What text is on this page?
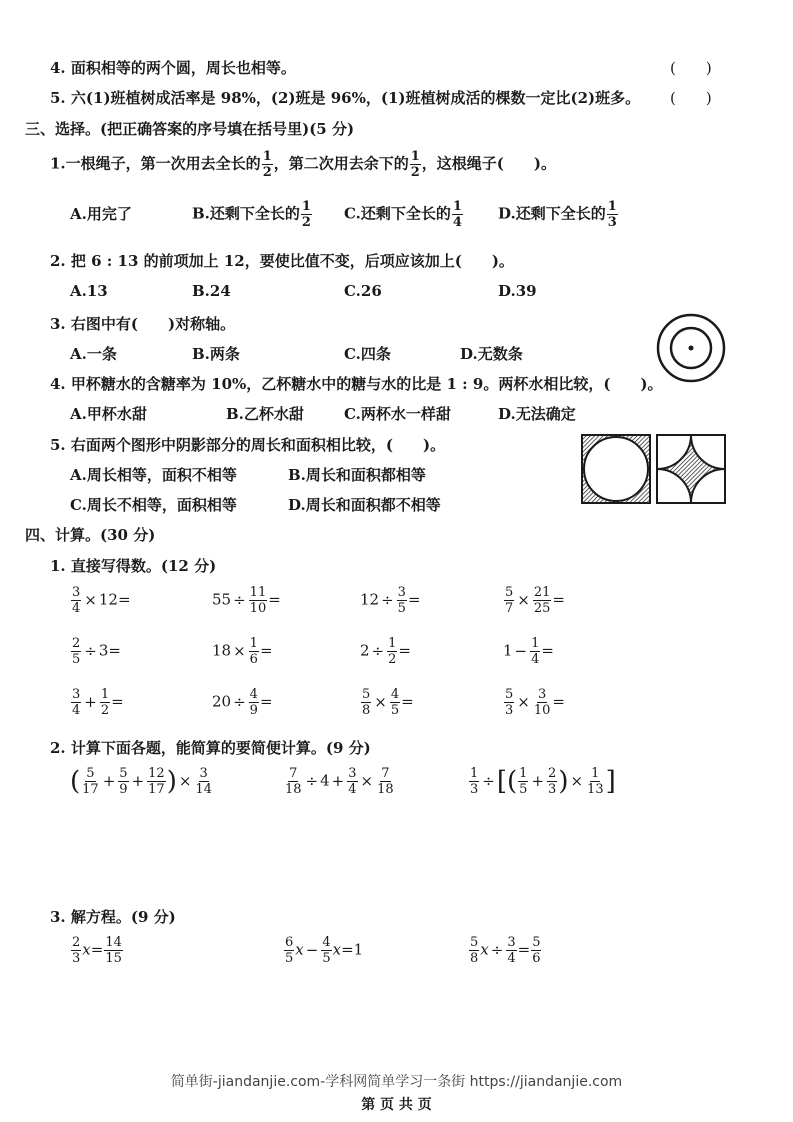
4. 面积相等的两个圆，周长也相等。	(　　)
5. 六(1)班植树成活率是 98%，(2)班是 96%，(1)班植树成活的棵数一定比(2)班多。 (　　)
三、选择。(把正确答案的序号填在括号里)(5 分)
1.一根绳子，第一次用去全长的 $\frac{1}{2}$ ，第二次用去余下的 $\frac{1}{2}$ ，这根绳子(　　)。
A.用完了	B.还剩下全长的 $\frac{1}{2} C$.还剩下全长的 $\frac{1}{4} D$.还剩下全长的 $\frac{1}{3}$
2. 把 6 : 13 的前项加上 12，要使比值不变，后项应该加上(　　)。
A.13	B.24	C.26	D.39
3. 右图中有(　　)对称轴。
A.一条	B.两条	C.四条	D.无数条
4. 甲杯糖水的含糖率为 10%，乙杯糖水中的糖与水的比是 1 : 9。两杯水相比较，(　　)。
A.甲杯水甜	B.乙杯水甜	C.两杯水一样甜	D.无法确定
5. 右面两个图形中阴影部分的周长和面积相比较，(　　)。
A.周长相等，面积不相等	B.周长和面积都相等
C.周长不相等，面积相等	D.周长和面积都不相等
四、计算。(30 分)
1. 直接写得数。(12 分)
$\frac{3}{4} \times 12=$	$55 \div \frac{11}{10}$ =	$12 \div \frac{3}{5}$ =	$\frac{5}{7} \times \frac{21}{25}$ =
$\frac{2}{5} \div 3=$	$18 \times \frac{1}{6}$ =	$2 \div \frac{1}{2}$ =	$1 - \frac{1}{4}$ =
$\frac{3}{4} + \frac{1}{2}$ =	$20 \div \frac{4}{9}$ =	$\frac{5}{8} \times \frac{4}{5}$ =	$\frac{5}{3} \times \frac{3}{10}$ =
2. 计算下面各题，能简算的要简便计算。(9 分)
( $\frac{5}{17} + \frac{5}{9} + \frac{12}{17}$ ) × $\frac{3}{14}$	$\frac{7}{18} \div 4 + \frac{3}{4} \times \frac{7}{18}$	$\frac{1}{3}$ ÷[( $\frac{1}{5} + \frac{2}{3}$ ) × $\frac{1}{13}$ ]
3. 解方程。(9 分)
$\frac{2}{3} x= \frac{14}{15}$	$\frac{6}{5}$ $x - \frac{4}{5} x=1$	$\frac{5}{8}$ $x \div \frac{3}{4} = \frac{5}{6}$
简单街-jiandanjie.com-学科网简单学习一条街 https://jiandanjie.com
第 页 共 页
